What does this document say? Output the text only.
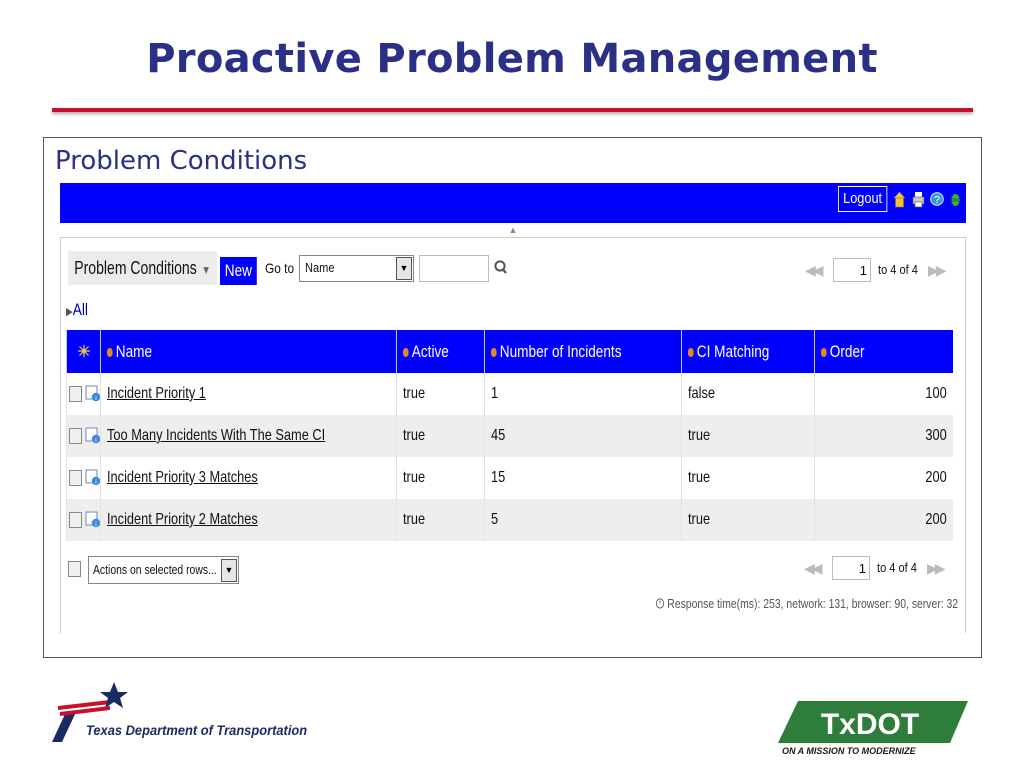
Proactive Problem Management
Problem Conditions
Logout	?
▲
Problem Conditions ▼ New Go to Name	▼	◀◀	1 to 4 of 4 ▶▶
▶All
	Name	Active	Number of Incidents	CI Matching	Order

i	Incident Priority 1	true	1	false	100

i	Too Many Incidents With The Same CI	true	45	true	300

i	Incident Priority 3 Matches	true	15	true	200

i	Incident Priority 2 Matches	true	5	true	200
Actions on selected rows... ▼	◀◀	1 to 4 of 4 ▶▶
Response time(ms): 253, network: 131, browser: 90, server: 32
Texas Department of Transportation	TxDOT
ON A MISSION TO MODERNIZE
